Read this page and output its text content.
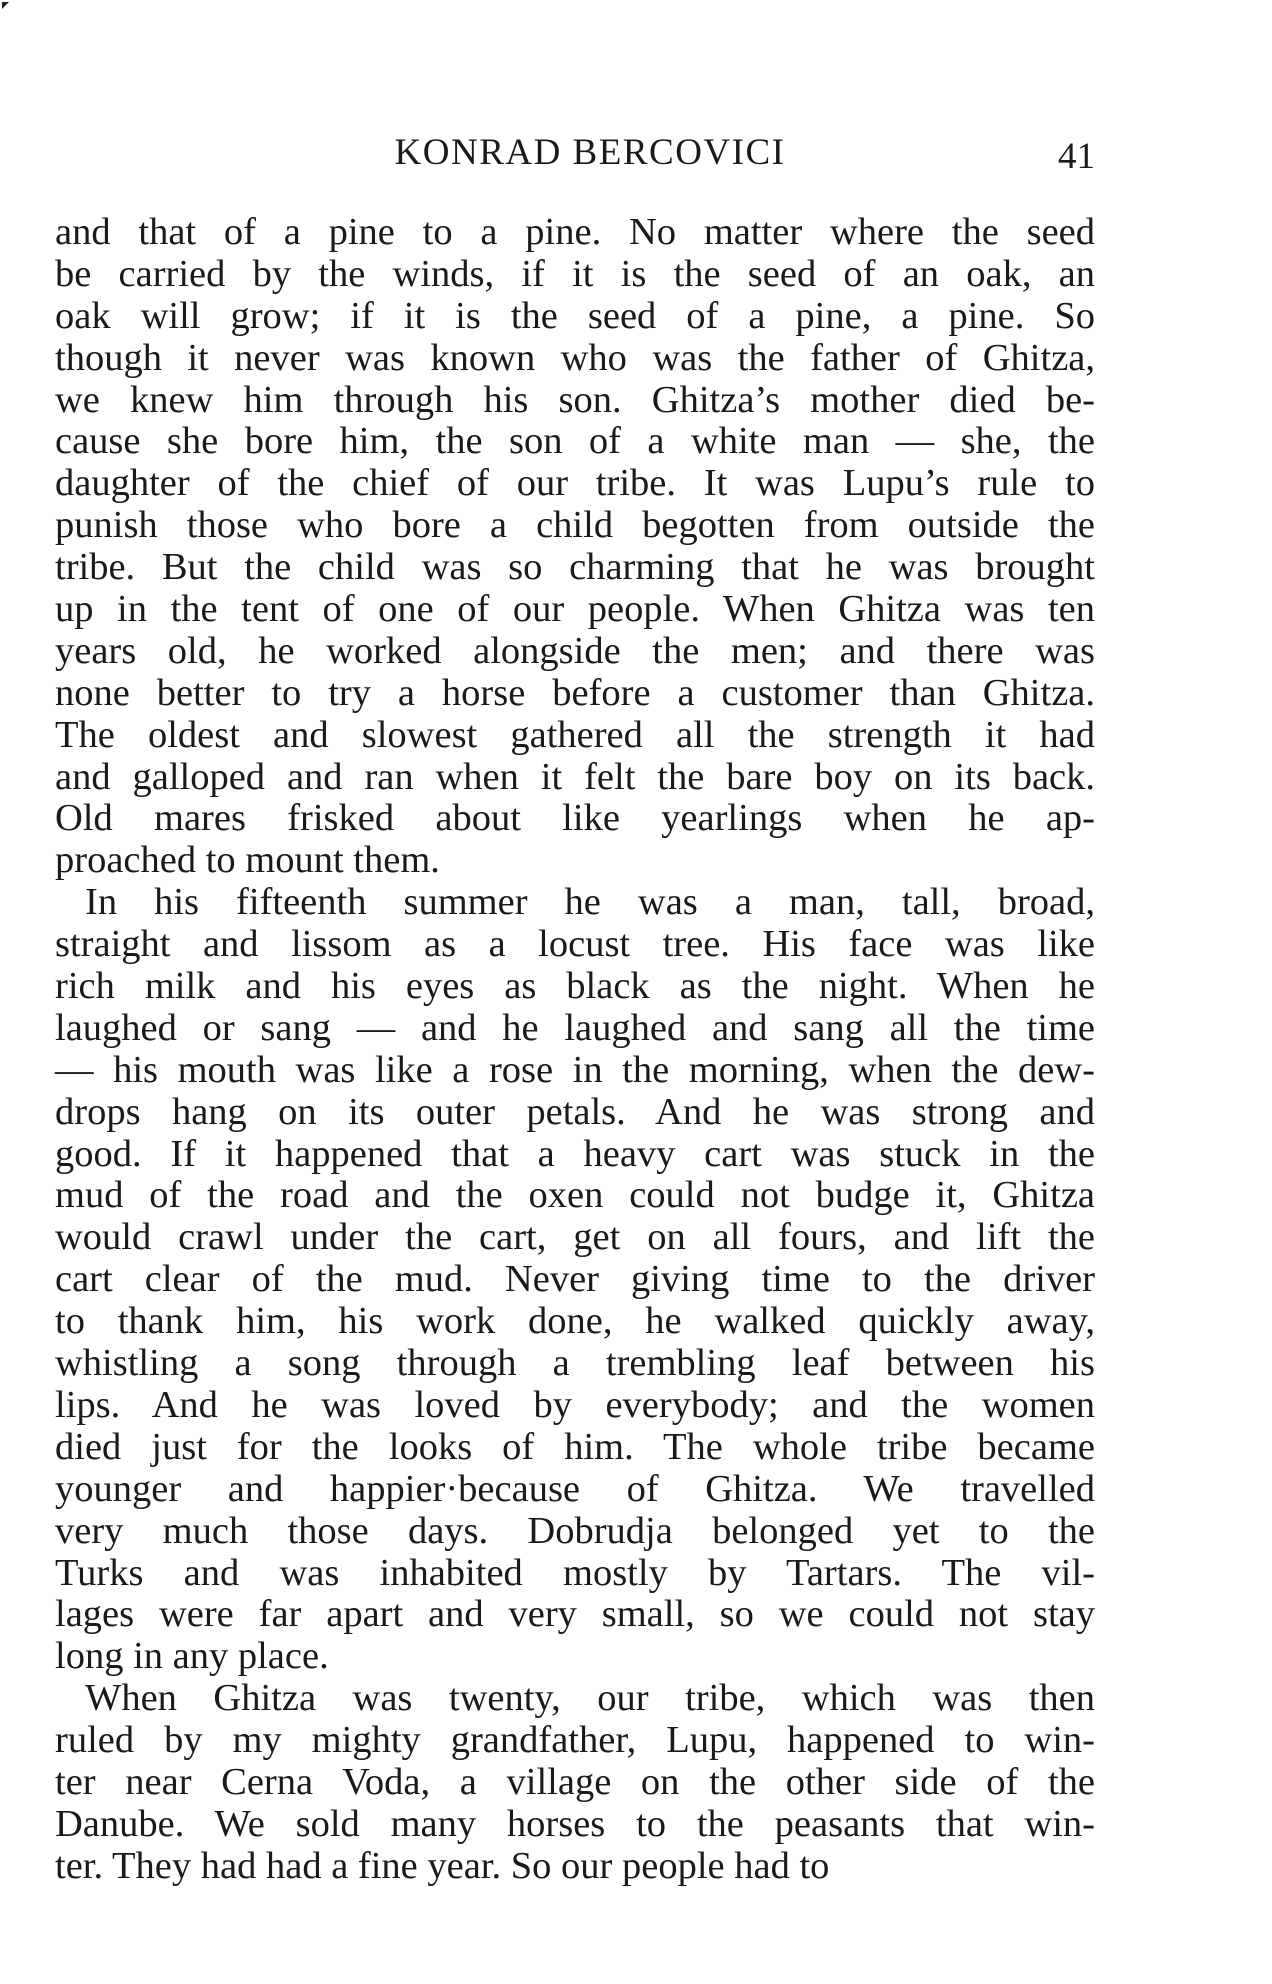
KONRAD BERCOVICI	41
and that of a pine to a pine. No matter where the seed
be carried by the winds, if it is the seed of an oak, an
oak will grow; if it is the seed of a pine, a pine. So
though it never was known who was the father of Ghitza,
we knew him through his son. Ghitza’s mother died be-
cause she bore him, the son of a white man — she, the
daughter of the chief of our tribe. It was Lupu’s rule to
punish those who bore a child begotten from outside the
tribe. But the child was so charming that he was brought
up in the tent of one of our people. When Ghitza was ten
years old, he worked alongside the men; and there was
none better to try a horse before a customer than Ghitza.
The oldest and slowest gathered all the strength it had
and galloped and ran when it felt the bare boy on its back.
Old mares frisked about like yearlings when he ap-
proached to mount them.
In his fifteenth summer he was a man, tall, broad,
straight and lissom as a locust tree. His face was like
rich milk and his eyes as black as the night. When he
laughed or sang — and he laughed and sang all the time
— his mouth was like a rose in the morning, when the dew-
drops hang on its outer petals. And he was strong and
good. If it happened that a heavy cart was stuck in the
mud of the road and the oxen could not budge it, Ghitza
would crawl under the cart, get on all fours, and lift the
cart clear of the mud. Never giving time to the driver
to thank him, his work done, he walked quickly away,
whistling a song through a trembling leaf between his
lips. And he was loved by everybody; and the women
died just for the looks of him. The whole tribe became
younger and happier·because of Ghitza. We travelled
very much those days. Dobrudja belonged yet to the
Turks and was inhabited mostly by Tartars. The vil-
lages were far apart and very small, so we could not stay
long in any place.
When Ghitza was twenty, our tribe, which was then
ruled by my mighty grandfather, Lupu, happened to win-
ter near Cerna Voda, a village on the other side of the
Danube. We sold many horses to the peasants that win-
ter. They had had a fine year. So our people had to
